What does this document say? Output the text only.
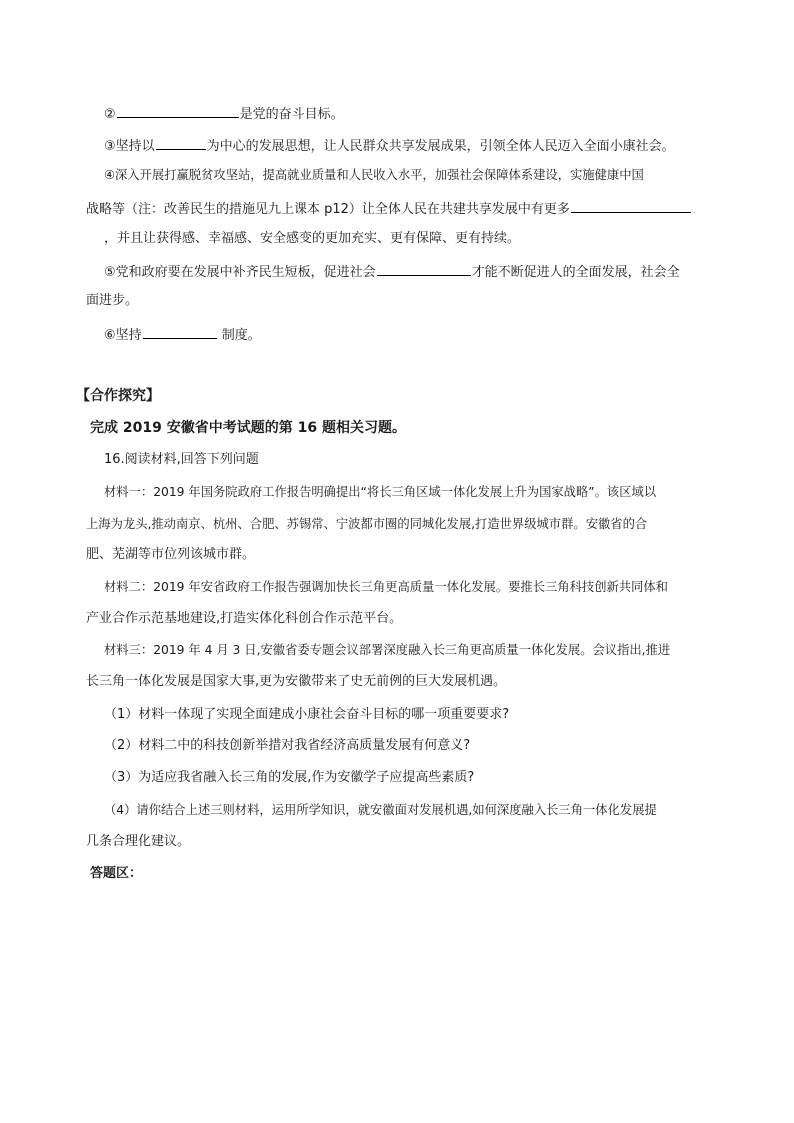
②	是党的奋斗目标。
③坚持以	为中心的发展思想，让人民群众共享发展成果，引领全体人民迈入全面小康社会。
④深入开展打赢脱贫攻坚站，提高就业质量和人民收入水平，加强社会保障体系建设，实施健康中国
战略等（注：改善民生的措施见九上课本 p12）让全体人民在共建共享发展中有更多
，并且让获得感、幸福感、安全感变的更加充实、更有保障、更有持续。
⑤党和政府要在发展中补齐民生短板，促进社会	才能不断促进人的全面发展，社会全
面进步。
⑥坚持	制度。
【合作探究】
完成 2019 安徽省中考试题的第 16 题相关习题。
16.阅读材料,回答下列问题
材料一：2019 年国务院政府工作报告明确提出“将长三角区域一体化发展上升为国家战略”。该区域以
上海为龙头,推动南京、杭州、合肥、苏锡常、宁波都市圈的同城化发展,打造世界级城市群。安徽省的合
肥、芜湖等市位列该城市群。
材料二：2019 年安省政府工作报告强调加快长三角更高质量一体化发展。要推长三角科技创新共同体和
产业合作示范基地建设,打造实体化科创合作示范平台。
材料三：2019 年 4 月 3 日,安徽省委专题会议部署深度融入长三角更高质量一体化发展。会议指出,推进
长三角一体化发展是国家大事,更为安徽带来了史无前例的巨大发展机遇。
（1）材料一体现了实现全面建成小康社会奋斗目标的哪一项重要要求?
（2）材料二中的科技创新举措对我省经济高质量发展有何意义?
（3）为适应我省融入长三角的发展,作为安徽学子应提高些素质?
（4）请你结合上述三则材料，运用所学知识，就安徽面对发展机遇,如何深度融入长三角一体化发展提
几条合理化建议。
答题区：
